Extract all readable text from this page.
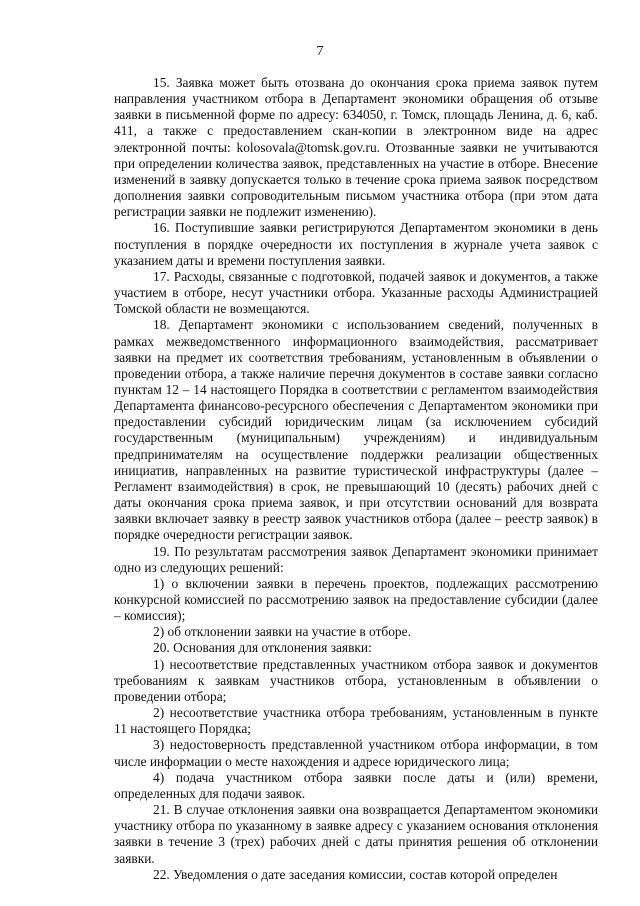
7

15. Заявка может быть отозвана до окончания срока приема заявок путем направления участником отбора в Департамент экономики обращения об отзыве заявки в письменной форме по адресу: 634050, г. Томск, площадь Ленина, д. 6, каб. 411, а также с предоставлением скан-копии в электронном виде на адрес электронной почты: kolosovala@tomsk.gov.ru. Отозванные заявки не учитываются при определении количества заявок, представленных на участие в отборе. Внесение изменений в заявку допускается только в течение срока приема заявок посредством дополнения заявки сопроводительным письмом участника отбора (при этом дата регистрации заявки не подлежит изменению).

16. Поступившие заявки регистрируются Департаментом экономики в день поступления в порядке очередности их поступления в журнале учета заявок с указанием даты и времени поступления заявки.

17. Расходы, связанные с подготовкой, подачей заявок и документов, а также участием в отборе, несут участники отбора. Указанные расходы Администрацией Томской области не возмещаются.

18. Департамент экономики с использованием сведений, полученных в рамках межведомственного информационного взаимодействия, рассматривает заявки на предмет их соответствия требованиям, установленным в объявлении о проведении отбора, а также наличие перечня документов в составе заявки согласно пунктам 12 – 14 настоящего Порядка в соответствии с регламентом взаимодействия Департамента финансово-ресурсного обеспечения с Департаментом экономики при предоставлении субсидий юридическим лицам (за исключением субсидий государственным (муниципальным) учреждениям) и индивидуальным предпринимателям на осуществление поддержки реализации общественных инициатив, направленных на развитие туристической инфраструктуры (далее – Регламент взаимодействия) в срок, не превышающий 10 (десять) рабочих дней с даты окончания срока приема заявок, и при отсутствии оснований для возврата заявки включает заявку в реестр заявок участников отбора (далее – реестр заявок) в порядке очередности регистрации заявок.

19. По результатам рассмотрения заявок Департамент экономики принимает одно из следующих решений:

1) о включении заявки в перечень проектов, подлежащих рассмотрению конкурсной комиссией по рассмотрению заявок на предоставление субсидии (далее – комиссия);

2) об отклонении заявки на участие в отборе.

20. Основания для отклонения заявки:

1) несоответствие представленных участником отбора заявок и документов требованиям к заявкам участников отбора, установленным в объявлении о проведении отбора;

2) несоответствие участника отбора требованиям, установленным в пункте 11 настоящего Порядка;

3) недостоверность представленной участником отбора информации, в том числе информации о месте нахождения и адресе юридического лица;

4) подача участником отбора заявки после даты и (или) времени, определенных для подачи заявок.

21. В случае отклонения заявки она возвращается Департаментом экономики участнику отбора по указанному в заявке адресу с указанием основания отклонения заявки в течение 3 (трех) рабочих дней с даты принятия решения об отклонении заявки.

22. Уведомления о дате заседания комиссии, состав которой определен
